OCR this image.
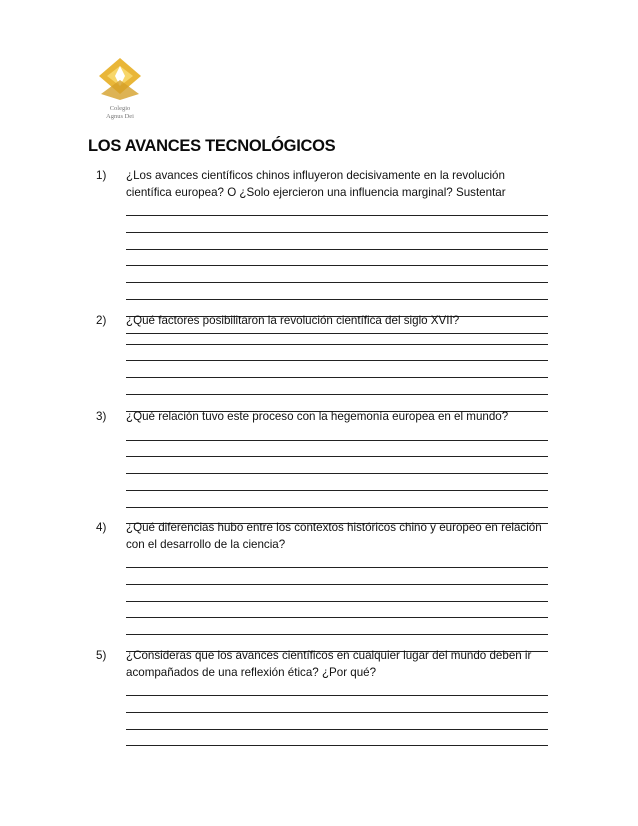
Colegio
Agnus Dei
LOS AVANCES TECNOLÓGICOS
1)	¿Los avances científicos chinos influyeron decisivamente en la revolución científica europea? O ¿Solo ejercieron una influencia marginal? Sustentar
2)	¿Qué factores posibilitaron la revolución científica del siglo XVII?
3)	¿Qué relación tuvo este proceso con la hegemonía europea en el mundo?
4)	¿Qué diferencias hubo entre los contextos históricos chino y europeo en relación con el desarrollo de la ciencia?
5)	¿Consideras que los avances científicos en cualquier lugar del mundo deben ir acompañados de una reflexión ética? ¿Por qué?
